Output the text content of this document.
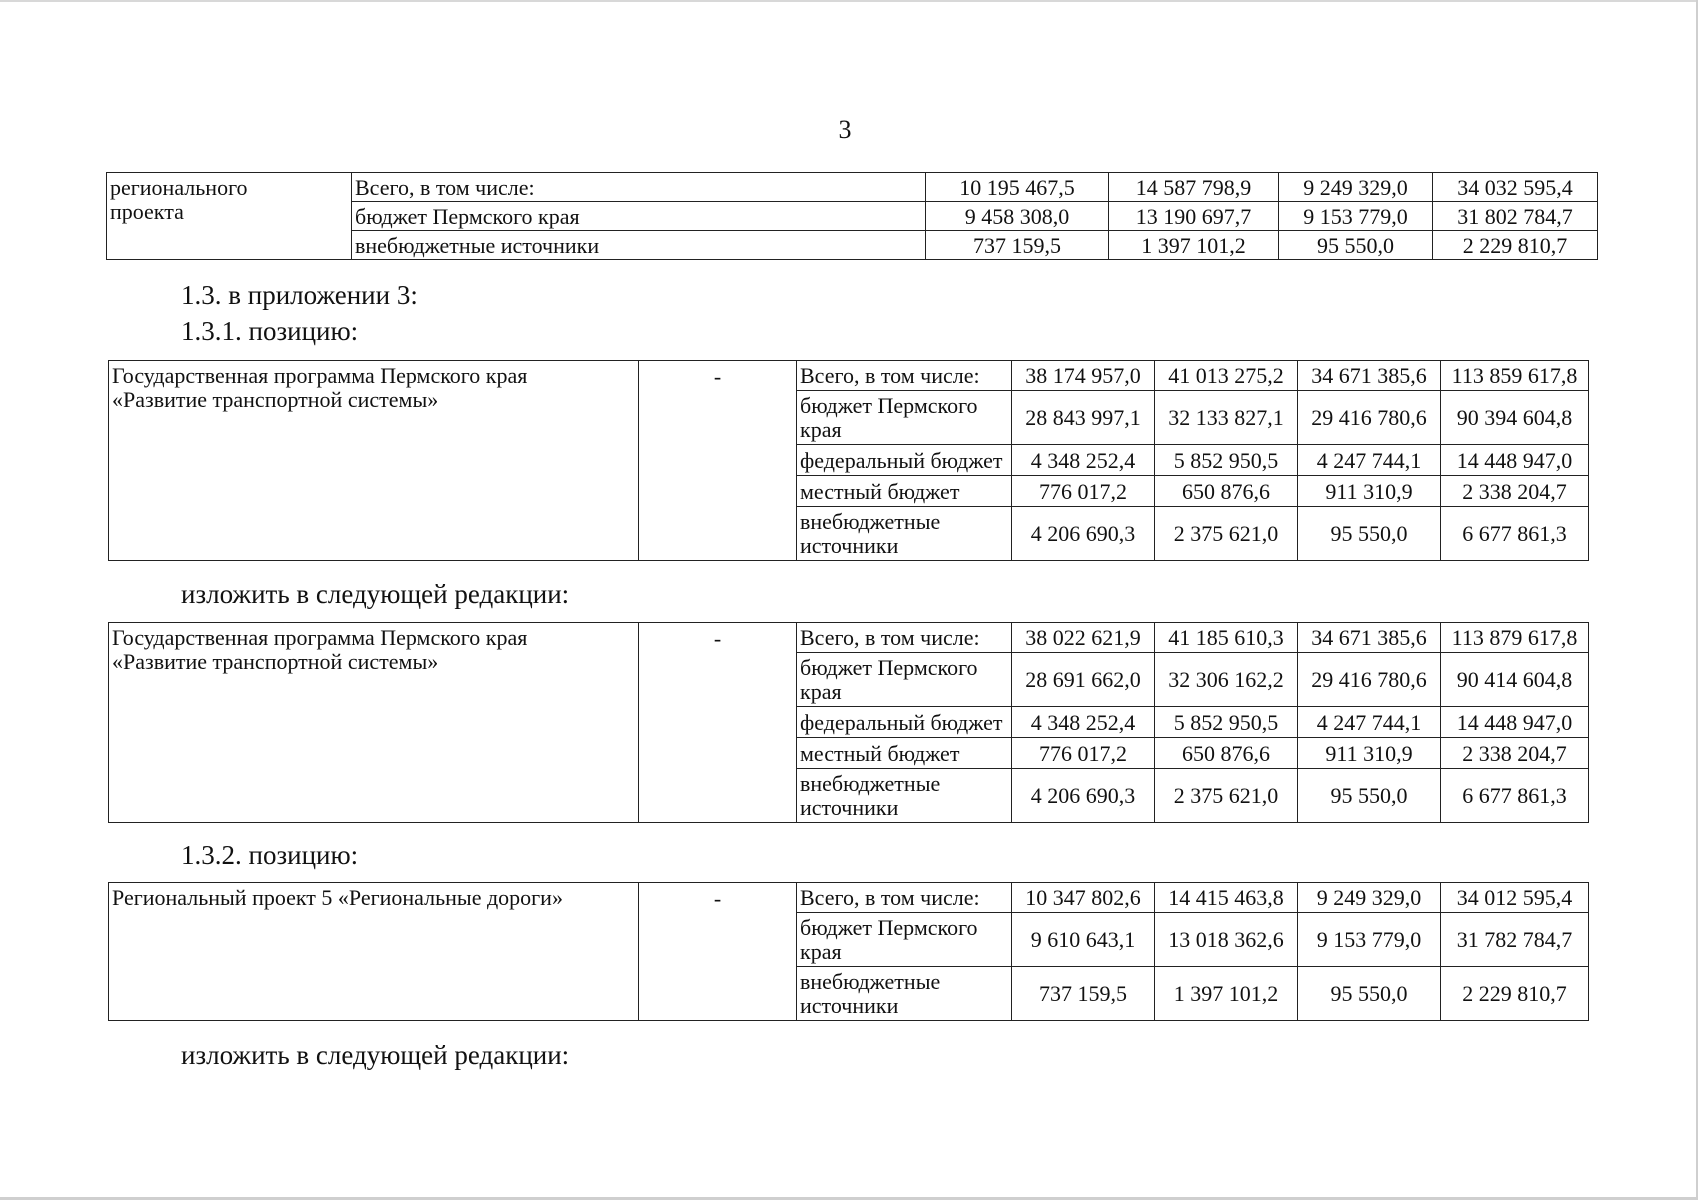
3
регионального
проекта	Всего, в том числе:	10 195 467,5	14 587 798,9	9 249 329,0	34 032 595,4
	бюджет Пермского края	9 458 308,0	13 190 697,7	9 153 779,0	31 802 784,7
	внебюджетные источники	737 159,5	1 397 101,2	95 550,0	2 229 810,7
1.3. в приложении 3:
1.3.1. позицию:
Государственная программа Пермского края
«Развитие транспортной системы»	-	Всего, в том числе:	38 174 957,0	41 013 275,2	34 671 385,6	113 859 617,8
		бюджет Пермского края	28 843 997,1	32 133 827,1	29 416 780,6	90 394 604,8
		федеральный бюджет	4 348 252,4	5 852 950,5	4 247 744,1	14 448 947,0
		местный бюджет	776 017,2	650 876,6	911 310,9	2 338 204,7
		внебюджетные источники	4 206 690,3	2 375 621,0	95 550,0	6 677 861,3
изложить в следующей редакции:
Государственная программа Пермского края
«Развитие транспортной системы»	-	Всего, в том числе:	38 022 621,9	41 185 610,3	34 671 385,6	113 879 617,8
		бюджет Пермского края	28 691 662,0	32 306 162,2	29 416 780,6	90 414 604,8
		федеральный бюджет	4 348 252,4	5 852 950,5	4 247 744,1	14 448 947,0
		местный бюджет	776 017,2	650 876,6	911 310,9	2 338 204,7
		внебюджетные источники	4 206 690,3	2 375 621,0	95 550,0	6 677 861,3
1.3.2. позицию:
Региональный проект 5 «Региональные дороги»	-	Всего, в том числе:	10 347 802,6	14 415 463,8	9 249 329,0	34 012 595,4
		бюджет Пермского края	9 610 643,1	13 018 362,6	9 153 779,0	31 782 784,7
		внебюджетные источники	737 159,5	1 397 101,2	95 550,0	2 229 810,7
изложить в следующей редакции:
